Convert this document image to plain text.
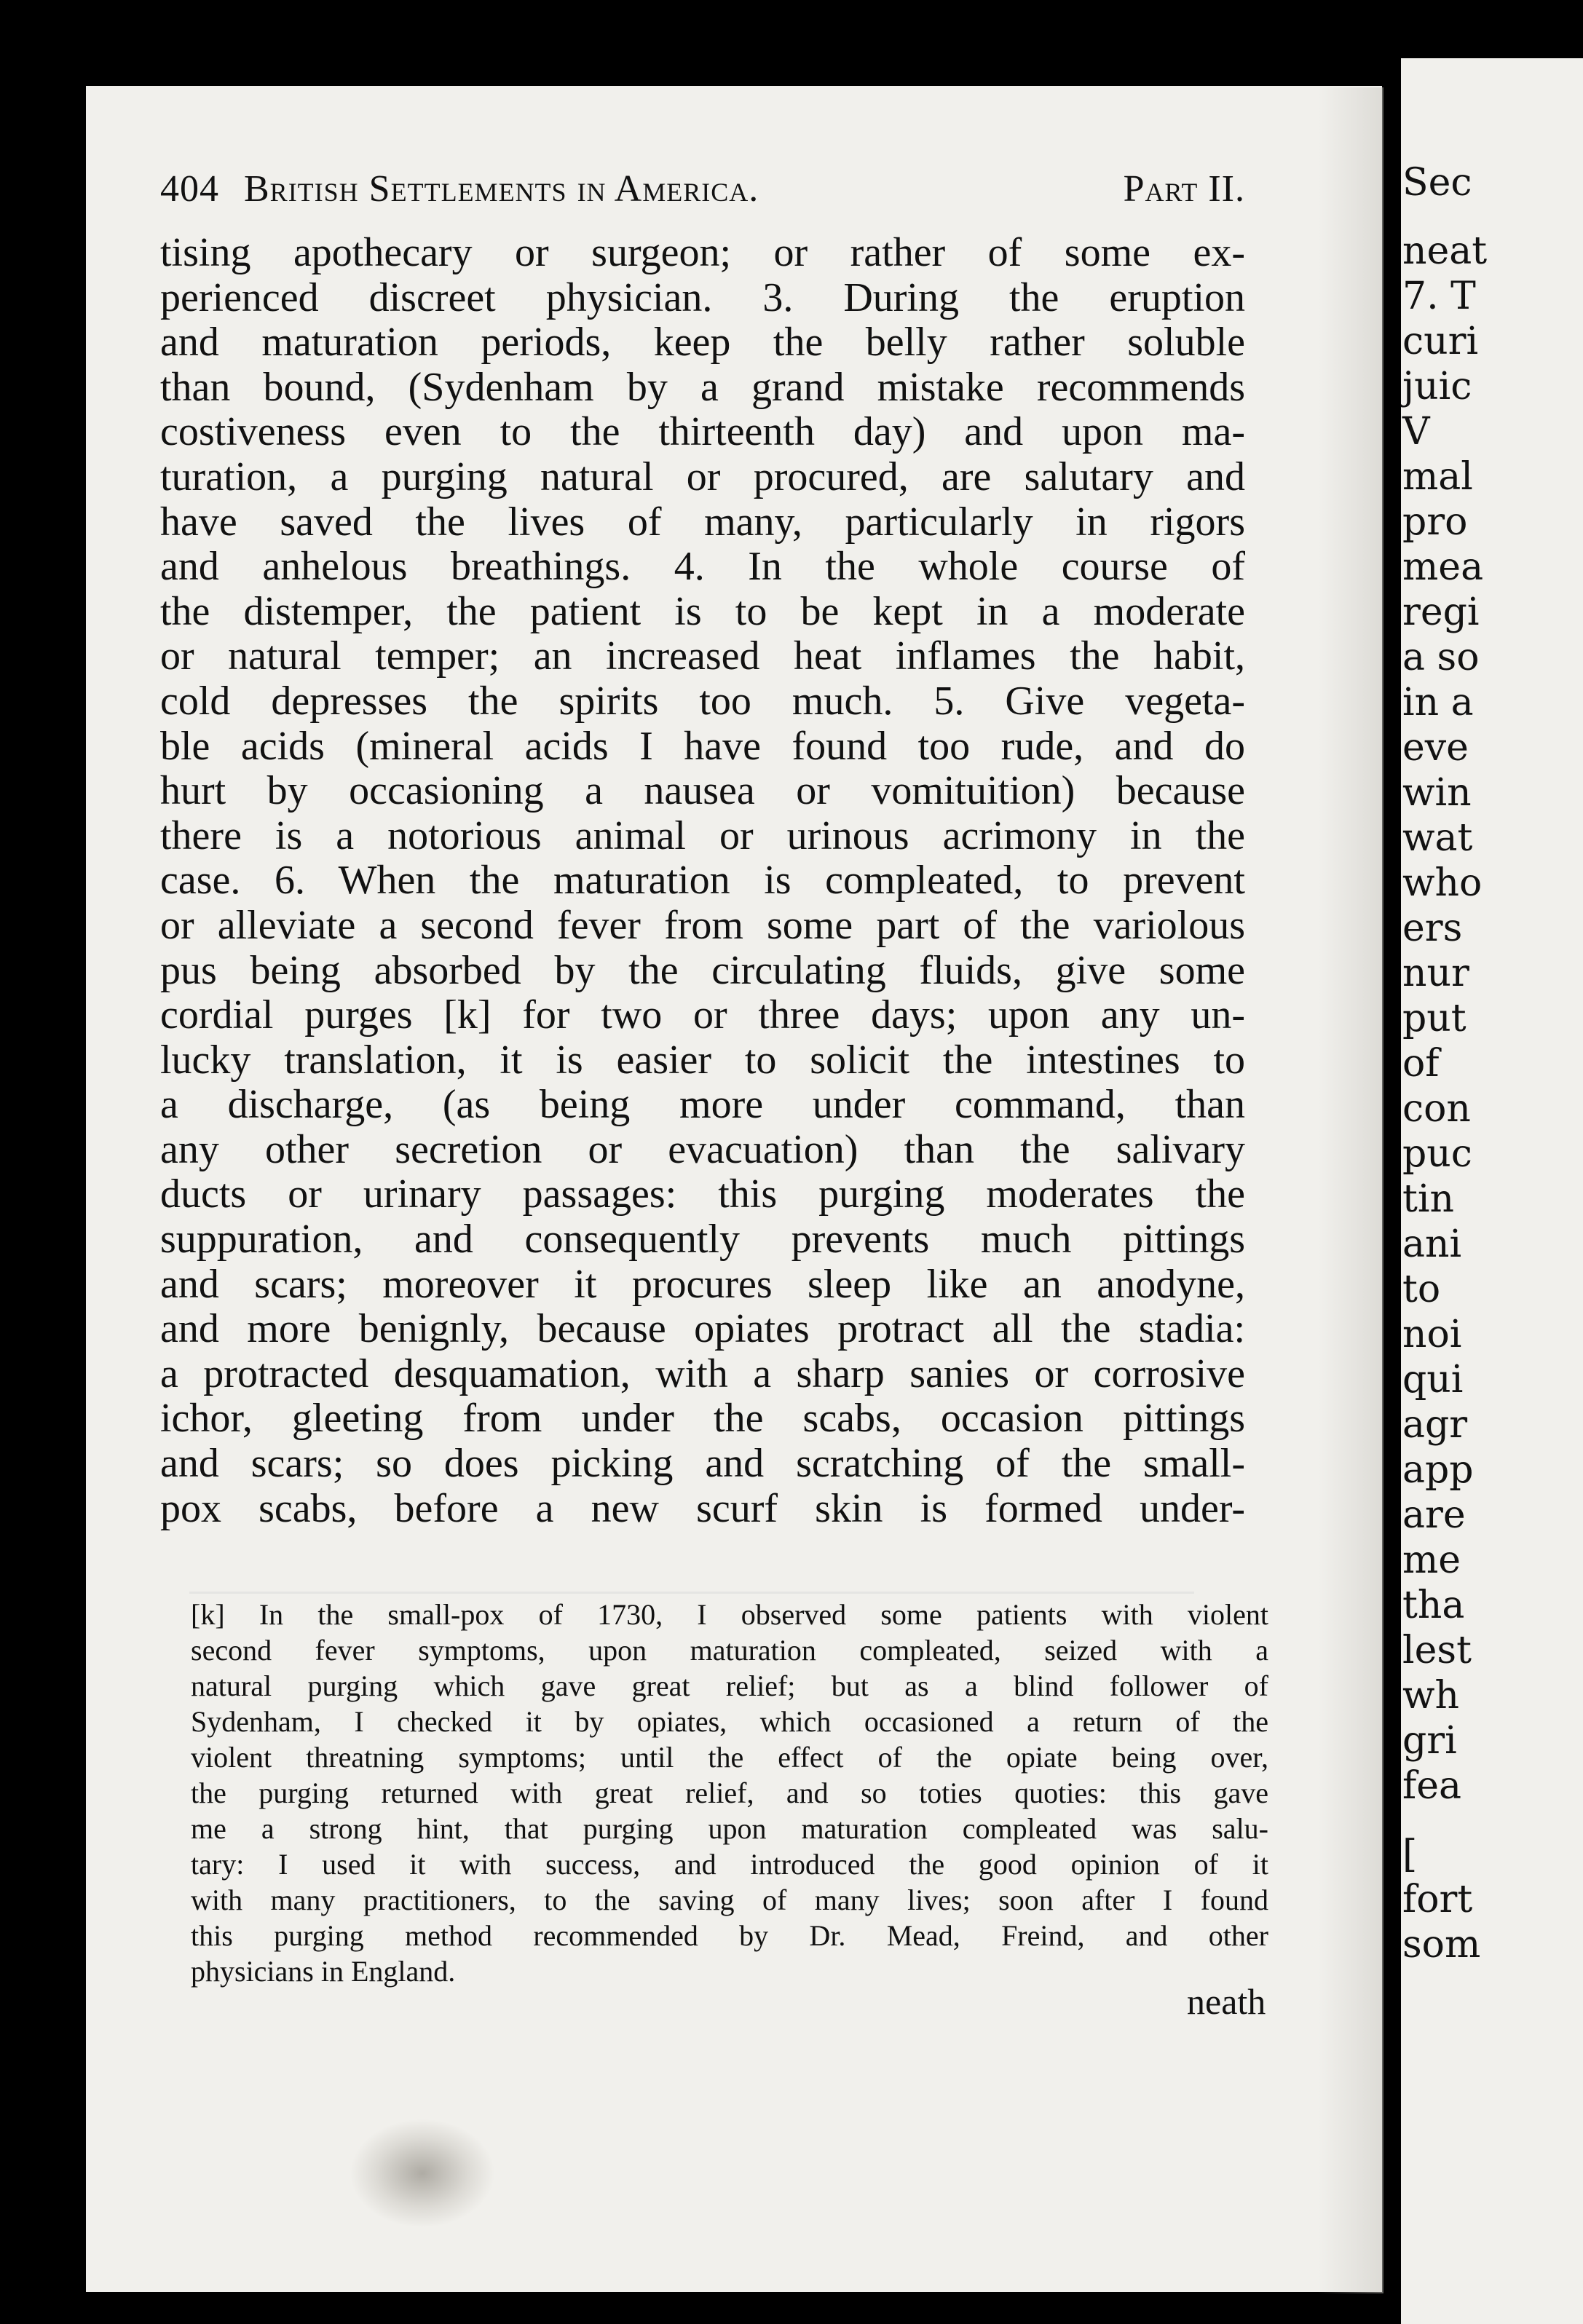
404 British Settlements in America.	Part II.
tising apothecary or surgeon; or rather of some ex-
perienced discreet physician. 3. During the eruption
and maturation periods, keep the belly rather soluble
than bound, (Sydenham by a grand mistake recommends
costiveness even to the thirteenth day) and upon ma-
turation, a purging natural or procured, are salutary and
have saved the lives of many, particularly in rigors
and anhelous breathings. 4. In the whole course of
the distemper, the patient is to be kept in a moderate
or natural temper; an increased heat inflames the habit,
cold depresses the spirits too much. 5. Give vegeta-
ble acids (mineral acids I have found too rude, and do
hurt by occasioning a nausea or vomituition) because
there is a notorious animal or urinous acrimony in the
case. 6. When the maturation is compleated, to prevent
or alleviate a second fever from some part of the variolous
pus being absorbed by the circulating fluids, give some
cordial purges [k] for two or three days; upon any un-
lucky translation, it is easier to solicit the intestines to
a discharge, (as being more under command, than
any other secretion or evacuation) than the salivary
ducts or urinary passages: this purging moderates the
suppuration, and consequently prevents much pittings
and scars; moreover it procures sleep like an anodyne,
and more benignly, because opiates protract all the stadia:
a protracted desquamation, with a sharp sanies or corrosive
ichor, gleeting from under the scabs, occasion pittings
and scars; so does picking and scratching of the small-
pox scabs, before a new scurf skin is formed under-
[k] In the small-pox of 1730, I observed some patients with violent
second fever symptoms, upon maturation compleated, seized with a
natural purging which gave great relief; but as a blind follower of
Sydenham, I checked it by opiates, which occasioned a return of the
violent threatning symptoms; until the effect of the opiate being over,
the purging returned with great relief, and so toties quoties: this gave
me a strong hint, that purging upon maturation compleated was salu-
tary: I used it with success, and introduced the good opinion of it
with many practitioners, to the saving of many lives; soon after I found
this purging method recommended by Dr. Mead, Freind, and other
physicians in England.
neath
Sec
neat
7. T
curi
juic
V
mal
pro
mea
regi
a so
in a
eve
win
wat
who
ers
nur
put
of
con
puc
tin
ani
to
noi
qui
agr
app
are
me
tha
lest
wh
gri
fea
[
fort
som
